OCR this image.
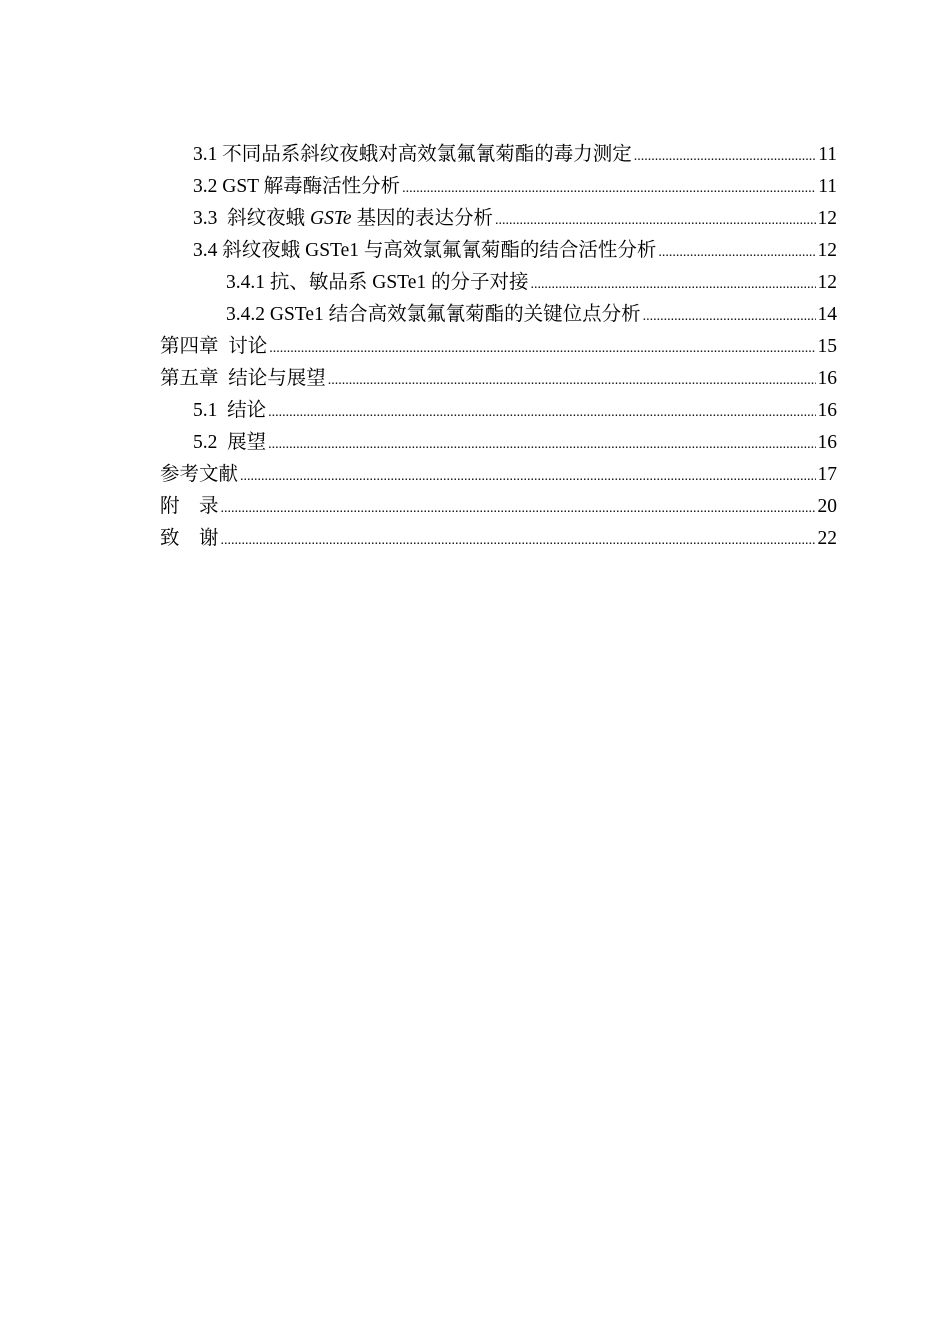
3.1 不同品系斜纹夜蛾对高效氯氟氰菊酯的毒力测定 .....	11
3.2 GST 解毒酶活性分析 .....	11
3.3  斜纹夜蛾 GSTe 基因的表达分析 .....	12
3.4 斜纹夜蛾 GSTe1 与高效氯氟氰菊酯的结合活性分析 .....	12
3.4.1 抗、敏品系 GSTe1 的分子对接 .....	12
3.4.2 GSTe1 结合高效氯氟氰菊酯的关键位点分析 .....	14
第四章  讨论 .....	15
第五章  结论与展望 .....	16
5.1  结论 .....	16
5.2  展望 .....	16
参考文献 .....	17
附    录 .....	20
致    谢 .....	22
